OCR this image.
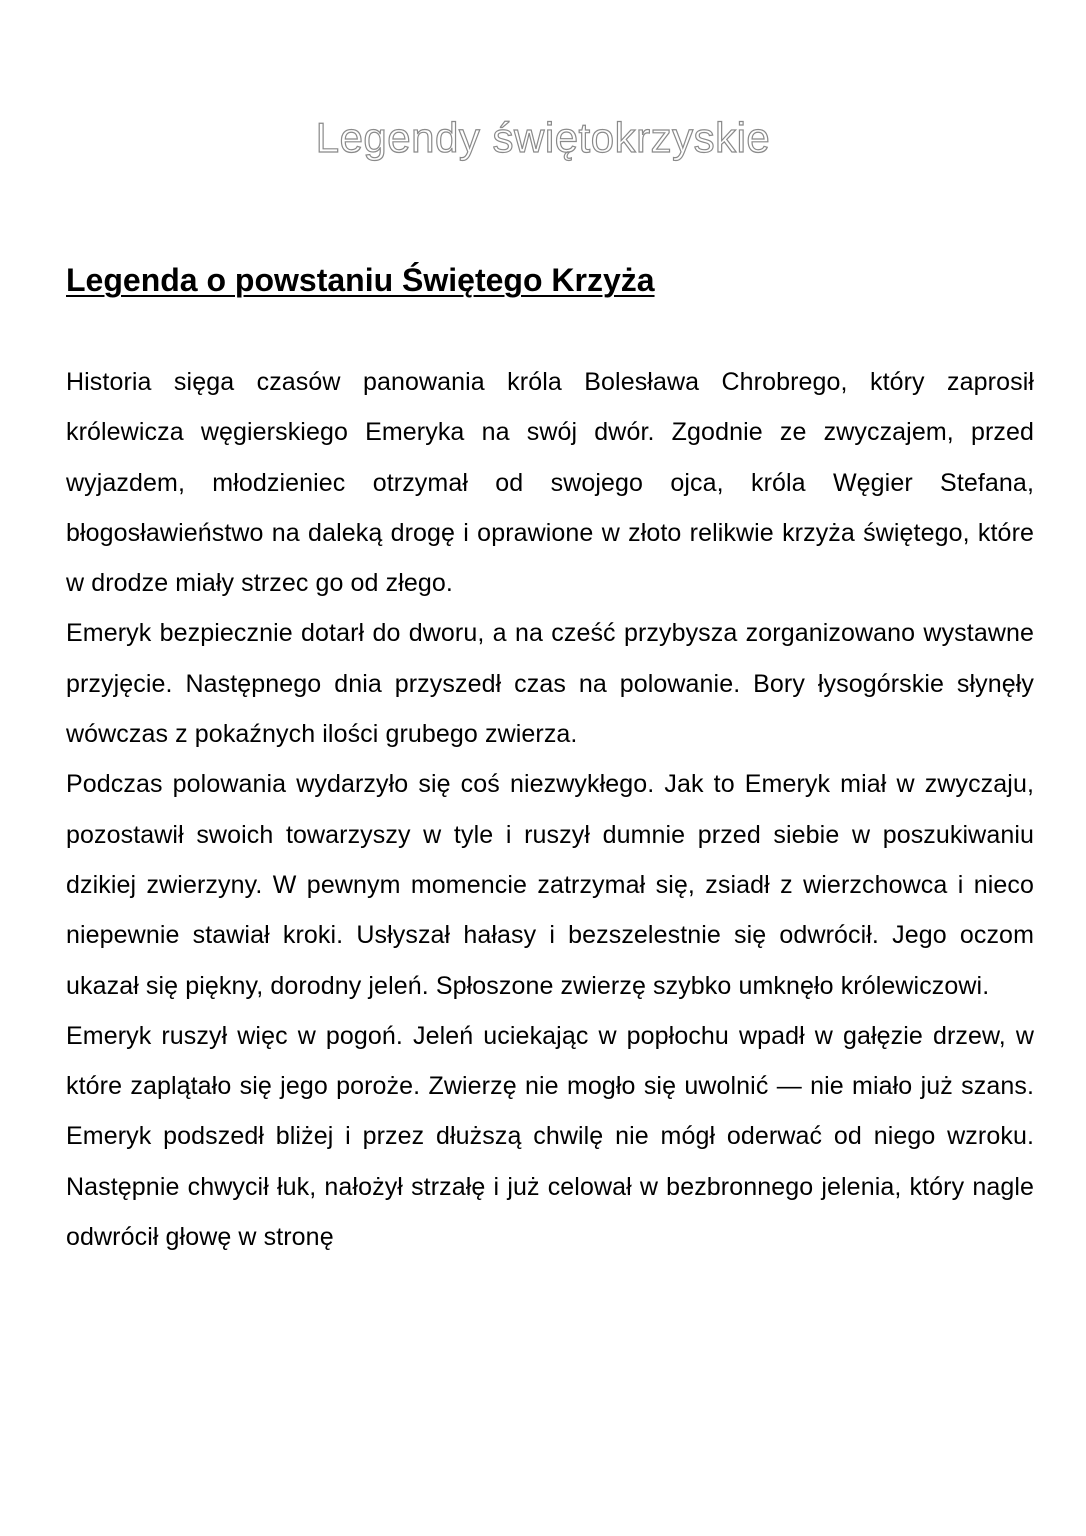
Legendy świętokrzyskie
Legenda o powstaniu Świętego Krzyża

Historia sięga czasów panowania króla Bolesława Chrobrego, który zaprosił królewicza węgierskiego Emeryka na swój dwór. Zgodnie ze zwyczajem, przed wyjazdem, młodzieniec otrzymał od swojego ojca, króla Węgier Stefana, błogosławieństwo na daleką drogę i oprawione w złoto relikwie krzyża świętego, które w drodze miały strzec go od złego.

Emeryk bezpiecznie dotarł do dworu, a na cześć przybysza zorganizowano wystawne przyjęcie. Następnego dnia przyszedł czas na polowanie. Bory łysogórskie słynęły wówczas z pokaźnych ilości grubego zwierza.

Podczas polowania wydarzyło się coś niezwykłego. Jak to Emeryk miał w zwyczaju, pozostawił swoich towarzyszy w tyle i ruszył dumnie przed siebie w poszukiwaniu dzikiej zwierzyny. W pewnym momencie zatrzymał się, zsiadł z wierzchowca i nieco niepewnie stawiał kroki. Usłyszał hałasy i bezszelestnie się odwrócił. Jego oczom ukazał się piękny, dorodny jeleń. Spłoszone zwierzę szybko umknęło królewiczowi.

Emeryk ruszył więc w pogoń. Jeleń uciekając w popłochu wpadł w gałęzie drzew, w które zaplątało się jego poroże. Zwierzę nie mogło się uwolnić — nie miało już szans. Emeryk podszedł bliżej i przez dłuższą chwilę nie mógł oderwać od niego wzroku. Następnie chwycił łuk, nałożył strzałę i już celował w bezbronnego jelenia, który nagle odwrócił głowę w stronę
